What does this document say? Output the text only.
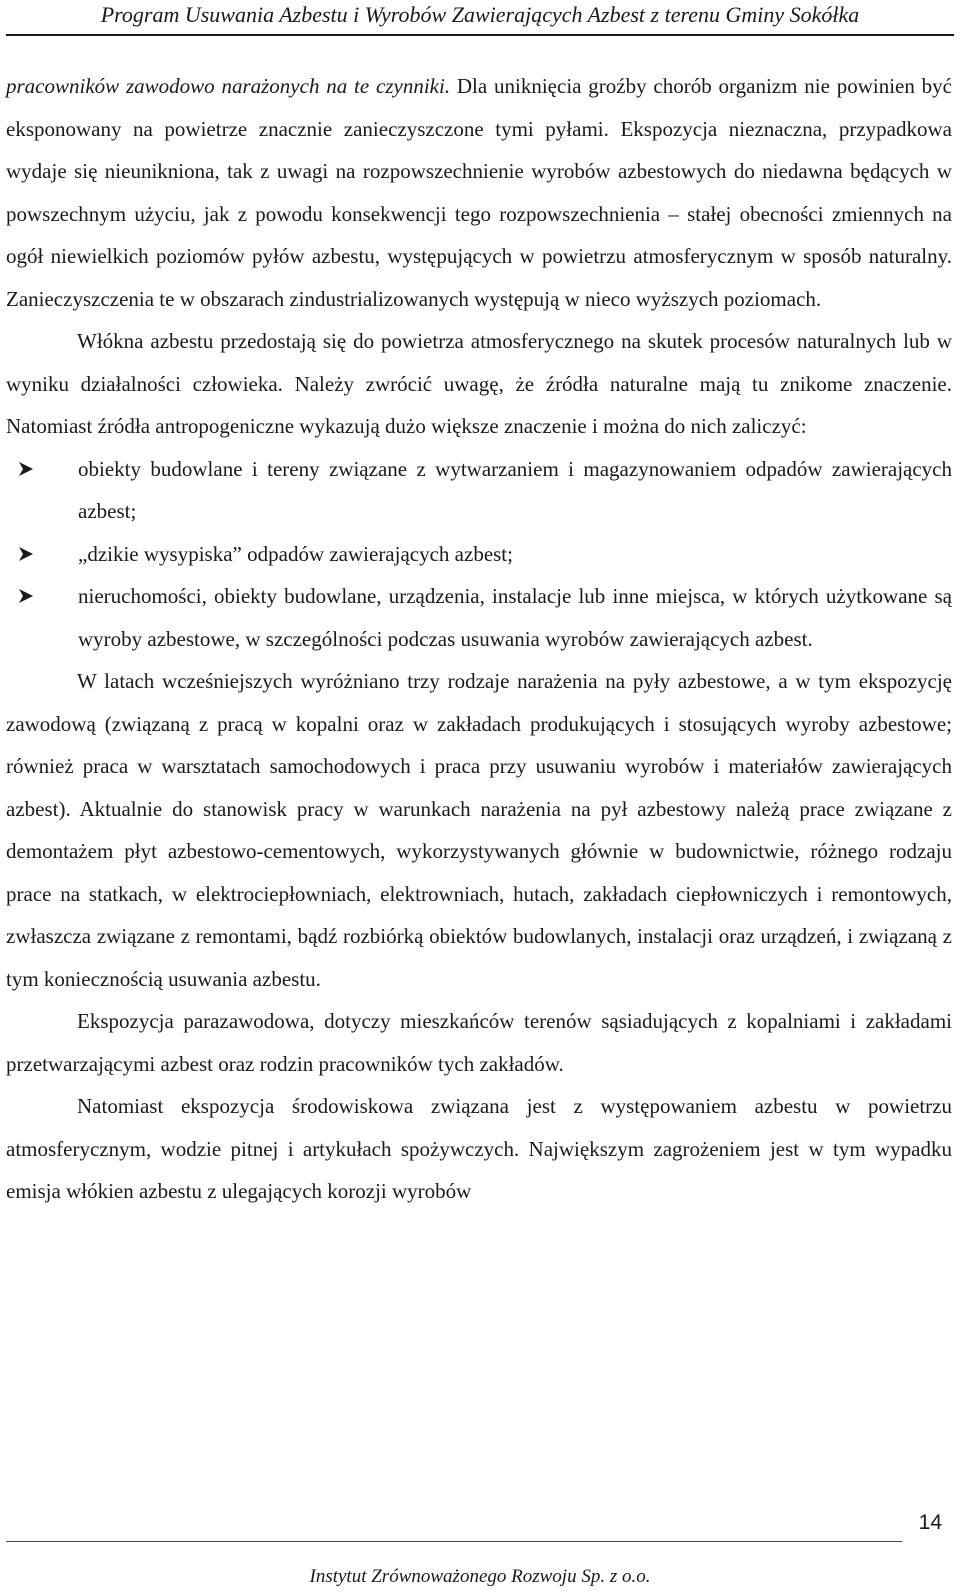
Program Usuwania Azbestu i Wyrobów Zawierających Azbest z terenu Gminy Sokółka

pracowników zawodowo narażonych na te czynniki. Dla uniknięcia groźby chorób organizm nie powinien być eksponowany na powietrze znacznie zanieczyszczone tymi pyłami. Ekspozycja nieznaczna, przypadkowa wydaje się nieunikniona, tak z uwagi na rozpowszechnienie wyrobów azbestowych do niedawna będących w powszechnym użyciu, jak z powodu konsekwencji tego rozpowszechnienia – stałej obecności zmiennych na ogół niewielkich poziomów pyłów azbestu, występujących w powietrzu atmosferycznym w sposób naturalny. Zanieczyszczenia te w obszarach zindustrializowanych występują w nieco wyższych poziomach.

Włókna azbestu przedostają się do powietrza atmosferycznego na skutek procesów naturalnych lub w wyniku działalności człowieka. Należy zwrócić uwagę, że źródła naturalne mają tu znikome znaczenie. Natomiast źródła antropogeniczne wykazują dużo większe znaczenie i można do nich zaliczyć:

obiekty budowlane i tereny związane z wytwarzaniem i magazynowaniem odpadów zawierających azbest;
„dzikie wysypiska” odpadów zawierających azbest;
nieruchomości, obiekty budowlane, urządzenia, instalacje lub inne miejsca, w których użytkowane są wyroby azbestowe, w szczególności podczas usuwania wyrobów zawierających azbest.

W latach wcześniejszych wyróżniano trzy rodzaje narażenia na pyły azbestowe, a w tym ekspozycję zawodową (związaną z pracą w kopalni oraz w zakładach produkujących i stosujących wyroby azbestowe; również praca w warsztatach samochodowych i praca przy usuwaniu wyrobów i materiałów zawierających azbest). Aktualnie do stanowisk pracy w warunkach narażenia na pył azbestowy należą prace związane z demontażem płyt azbestowo-cementowych, wykorzystywanych głównie w budownictwie, różnego rodzaju prace na statkach, w elektrociepłowniach, elektrowniach, hutach, zakładach ciepłowniczych i remontowych, zwłaszcza związane z remontami, bądź rozbiórką obiektów budowlanych, instalacji oraz urządzeń, i związaną z tym koniecznością usuwania azbestu.

Ekspozycja parazawodowa, dotyczy mieszkańców terenów sąsiadujących z kopalniami i zakładami przetwarzającymi azbest oraz rodzin pracowników tych zakładów.

Natomiast ekspozycja środowiskowa związana jest z występowaniem azbestu w powietrzu atmosferycznym, wodzie pitnej i artykułach spożywczych. Największym zagrożeniem jest w tym wypadku emisja włókien azbestu z ulegających korozji wyrobów

14
Instytut Zrównoważonego Rozwoju Sp. z o.o.
